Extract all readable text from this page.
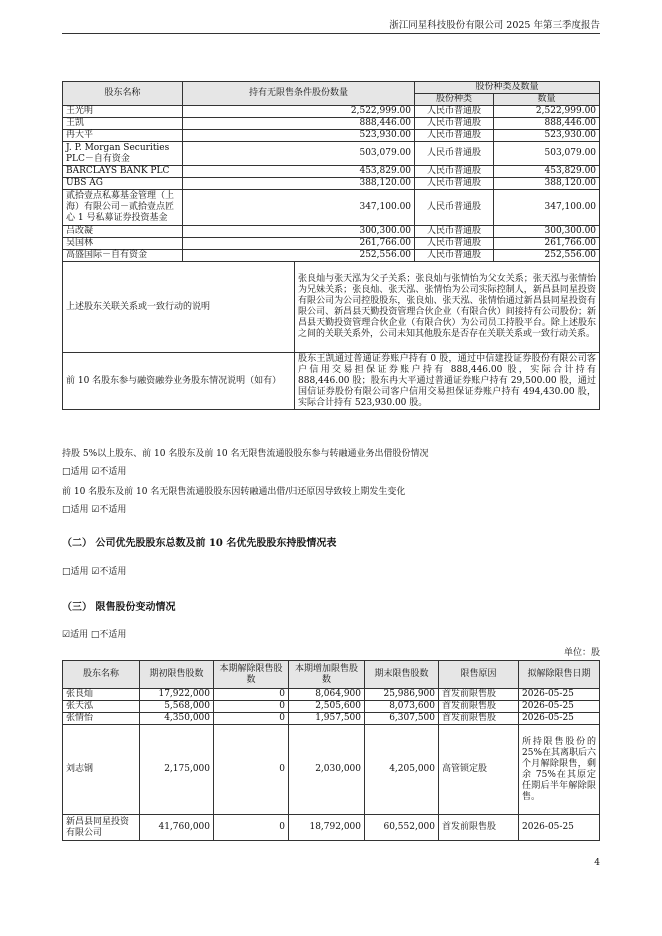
浙江同星科技股份有限公司 2025 年第三季度报告
股东名称	持有无限售条件股份数量		股份种类及数量	
			股份种类	数量
王光明	2,522,999.00		人民币普通股	2,522,999.00
王凯	888,446.00		人民币普通股	888,446.00
冉大平	523,930.00		人民币普通股	523,930.00
J. P. Morgan Securities PLC－自有资金	503,079.00		人民币普通股	503,079.00
BARCLAYS BANK PLC	453,829.00		人民币普通股	453,829.00
UBS AG	388,120.00		人民币普通股	388,120.00
贰拾壹点私募基金管理（上海）有限公司－贰拾壹点匠心 1 号私募证券投资基金	347,100.00		人民币普通股	347,100.00
吕改凝	300,300.00		人民币普通股	300,300.00
吴国林	261,766.00		人民币普通股	261,766.00
高盛国际－自有资金	252,556.00		人民币普通股	252,556.00
上述股东关联关系或一致行动的说明		张良灿与张天泓为父子关系；张良灿与张情怡为父女关系；张天泓与张情怡为兄妹关系；张良灿、张天泓、张情怡为公司实际控制人，新昌县同星投资有限公司为公司控股股东，张良灿、张天泓、张情怡通过新昌县同星投资有限公司、新昌县天勤投资管理合伙企业（有限合伙）间接持有公司股份；新昌县天勤投资管理合伙企业（有限合伙）为公司员工持股平台。除上述股东之间的关联关系外，公司未知其他股东是否存在关联关系或一致行动关系。		
前 10 名股东参与融资融券业务股东情况说明（如有）		股东王凯通过普通证券账户持有 0 股，通过中信建投证券股份有限公司客户信用交易担保证券账户持有 888,446.00 股，实际合计持有 888,446.00 股；股东冉大平通过普通证券账户持有 29,500.00 股，通过国信证券股份有限公司客户信用交易担保证券账户持有 494,430.00 股，实际合计持有 523,930.00 股。		
持股 5%以上股东、前 10 名股东及前 10 名无限售流通股股东参与转融通业务出借股份情况
□适用 ☑不适用
前 10 名股东及前 10 名无限售流通股股东因转融通出借/归还原因导致较上期发生变化
□适用 ☑不适用
（二） 公司优先股股东总数及前 10 名优先股股东持股情况表
□适用 ☑不适用
（三） 限售股份变动情况
☑适用 □不适用
单位：股
股东名称	期初限售股数	本期解除限售股数	本期增加限售股数	期末限售股数	限售原因	拟解除限售日期
张良灿	17,922,000	0	8,064,900	25,986,900	首发前限售股	2026-05-25
张天泓	5,568,000	0	2,505,600	8,073,600	首发前限售股	2026-05-25
张情怡	4,350,000	0	1,957,500	6,307,500	首发前限售股	2026-05-25
刘志钢	2,175,000	0	2,030,000	4,205,000	高管锁定股	所持限售股份的 25%在其离职后六个月解除限售，剩余 75%在其原定任期后半年解除限售。
新昌县同星投资有限公司	41,760,000	0	18,792,000	60,552,000	首发前限售股	2026-05-25
4
